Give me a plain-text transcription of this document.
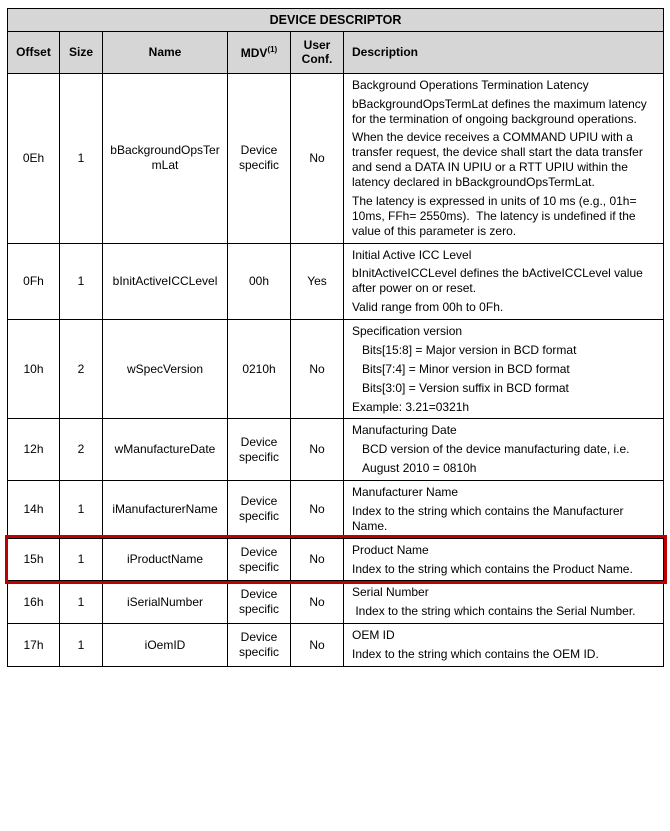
DEVICE DESCRIPTOR					
Offset	Size	Name	MDV$^{(1)}$	User Conf.	Description
0Eh	1	bBackgroundOpsTermLat	Device specific	No	Background Operations Termination Latency

bBackgroundOpsTermLat defines the maximum latency for the termination of ongoing background operations.

When the device receives a COMMAND UPIU with a transfer request, the device shall start the data transfer and send a DATA IN UPIU or a RTT UPIU within the latency declared in bBackgroundOpsTermLat.

The latency is expressed in units of 10 ms (e.g., 01h= 10ms, FFh= 2550ms).  The latency is undefined if the value of this parameter is zero.

0Fh	1	bInitActiveICCLevel	00h	Yes	Initial Active ICC Level

bInitActiveICCLevel defines the bActiveICCLevel value after power on or reset.

Valid range from 00h to 0Fh.

10h	2	wSpecVersion	0210h	No	Specification version

Bits[15:8] = Major version in BCD format

Bits[7:4] = Minor version in BCD format

Bits[3:0] = Version suffix in BCD format

Example: 3.21=0321h

12h	2	wManufactureDate	Device specific	No	Manufacturing Date

BCD version of the device manufacturing date, i.e.

August 2010 = 0810h

14h	1	iManufacturerName	Device specific	No	Manufacturer Name

Index to the string which contains the Manufacturer Name.

15h	1	iProductName	Device specific	No	Product Name

Index to the string which contains the Product Name.

16h	1	iSerialNumber	Device specific	No	Serial Number

Index to the string which contains the Serial Number.

17h	1	iOemID	Device specific	No	OEM ID

Index to the string which contains the OEM ID.
